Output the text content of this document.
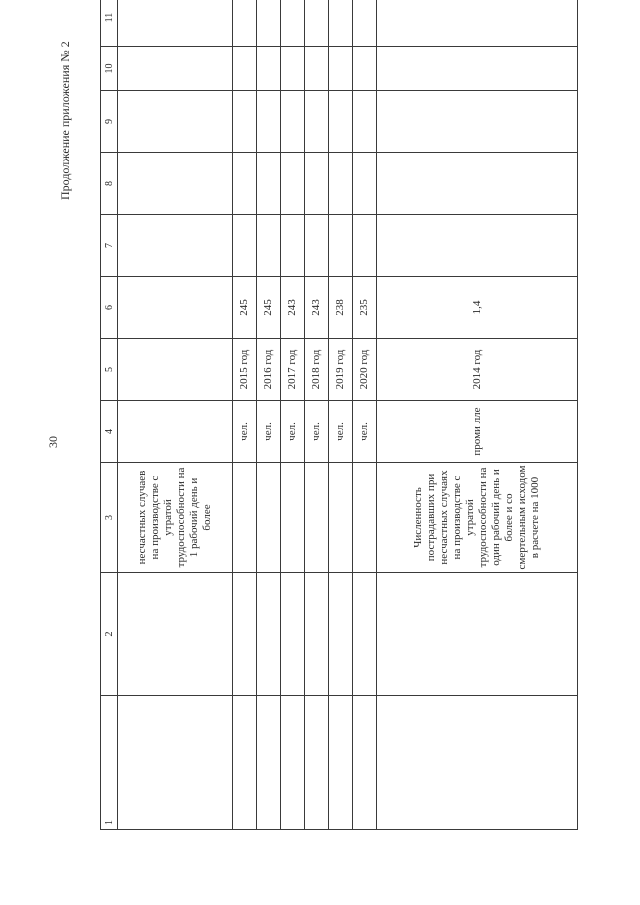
30
Продолжение приложения № 2
1	2	3	4	5	6	7	8	9	10	11

		несчастных случаев на производстве с утратой трудоспособности на 1 рабочий день и более								

			чел.	2015 год	245					
			чел.	2016 год	245					
			чел.	2017 год	243					
			чел.	2018 год	243					
			чел.	2019 год	238					
			чел.	2020 год	235					

		Численность пострадавших при несчастных случаях на производстве с утратой трудоспособности на один рабочий день и более и со смертельным исходом в расчете на 1000	проми лле	2014 год	1,4					
